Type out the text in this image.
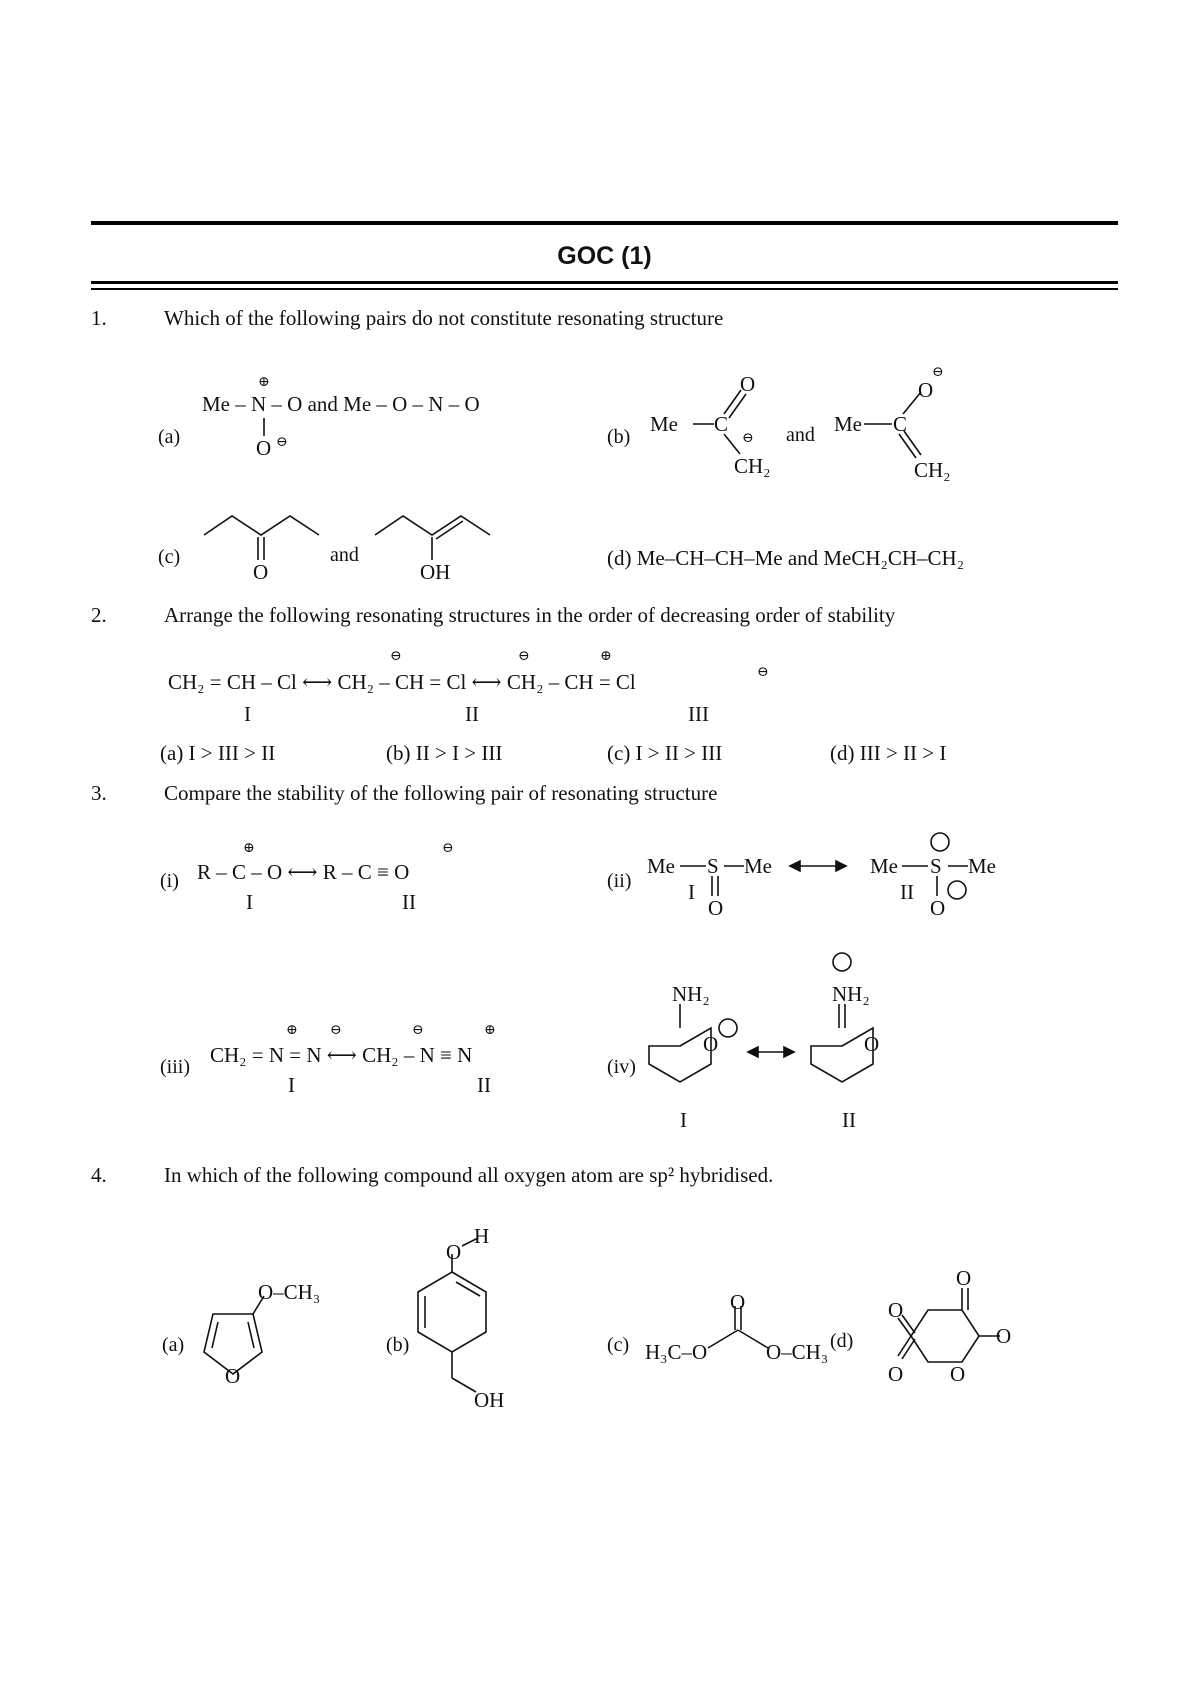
GOC (1)
1.	Which of the following pairs do not constitute resonating structure
(a)
Me – N – O and Me – O – N – O
(b)	and
(c)	and	(d) Me–CH–CH–Me and MeCH₂CH–CH₂
2.	Arrange the following resonating structures in the order of decreasing order of stability
CH₂ = CH – Cl ⟷ CH₂ – CH = Cl ⟷ CH₂ – CH = Cl
I	II	III
(a) I > III > II	(b) II > I > III	(c) I > II > III	(d) III > II > I
3.	Compare the stability of the following pair of resonating structure
(i) R – C – O ⟷ R – C ≡ O
I	II
(ii)
(iii) CH₂ = N = N ⟷ CH₂ – N ≡ N
I	II
(iv)
I	II
4.	In which of the following compound all oxygen atom are sp² hybridised.
(a)	(b)	(c)	(d)
O
⊕
⊖
Me C
O
CH₂
⊖
Me C
O
⊖
CH₂
O	OH
⊖	⊖	⊕
⊖
⊕	⊖
Me S Me
O
I
Me S Me
O
II
⊕ ⊖	⊖	⊕
NH₂
O
NH₂
O
O
O‒CH₃
O
H
OH
O
H₃C‒O	O‒CH₃
O
O
O O
O
